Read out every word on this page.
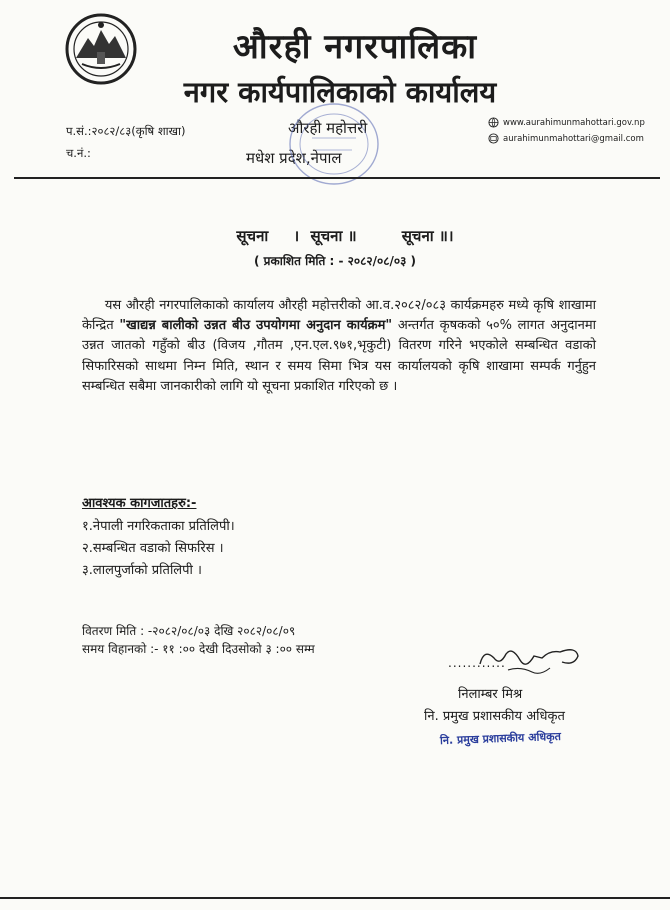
औरही नगरपालिका
नगर कार्यपालिकाको कार्यालय
प.सं.:२०८२/८३(कृषि शाखा)
च.नं.:
औरही महोत्तरी
मधेश प्रदेश,नेपाल
www.aurahimunmahottari.gov.np
aurahimunmahottari@gmail.com
सूचना । सूचना ॥	सूचना ॥।
( प्रकाशित मिति : - २०८२/०८/०३ )
यस औरही नगरपालिकाको कार्यालय औरही महोत्तरीको आ.व.२०८२/०८३ कार्यक्रमहरु मध्ये कृषि शाखामा केन्द्रित "खाद्यन्न बालीको उन्नत बीउ उपयोगमा अनुदान कार्यक्रम" अन्तर्गत कृषकको ५०% लागत अनुदानमा उन्नत जातको गहुँको बीउ (विजय ,गौतम ,एन.एल.९७१,भृकुटी) वितरण गरिने भएकोले सम्बन्धित वडाको सिफारिसको साथमा निम्न मिति, स्थान र समय सिमा भित्र यस कार्यालयको कृषि शाखामा सम्पर्क गर्नुहुन सम्बन्धित सबैमा जानकारीको लागि यो सूचना प्रकाशित गरिएको छ ।
आवश्यक कागजातहरु:-
१.नेपाली नगरिकताका प्रतिलिपी।
२.सम्बन्धित वडाको सिफरिस ।
३.लालपुर्जाको प्रतिलिपी ।
वितरण मिति : -२०८२/०८/०३ देखि २०८२/०८/०९
समय विहानको :- ११ :०० देखी दिउसोको ३ :०० सम्म
............
निलाम्बर मिश्र
नि. प्रमुख प्रशासकीय अधिकृत
नि. प्रमुख प्रशासकीय अधिकृत
